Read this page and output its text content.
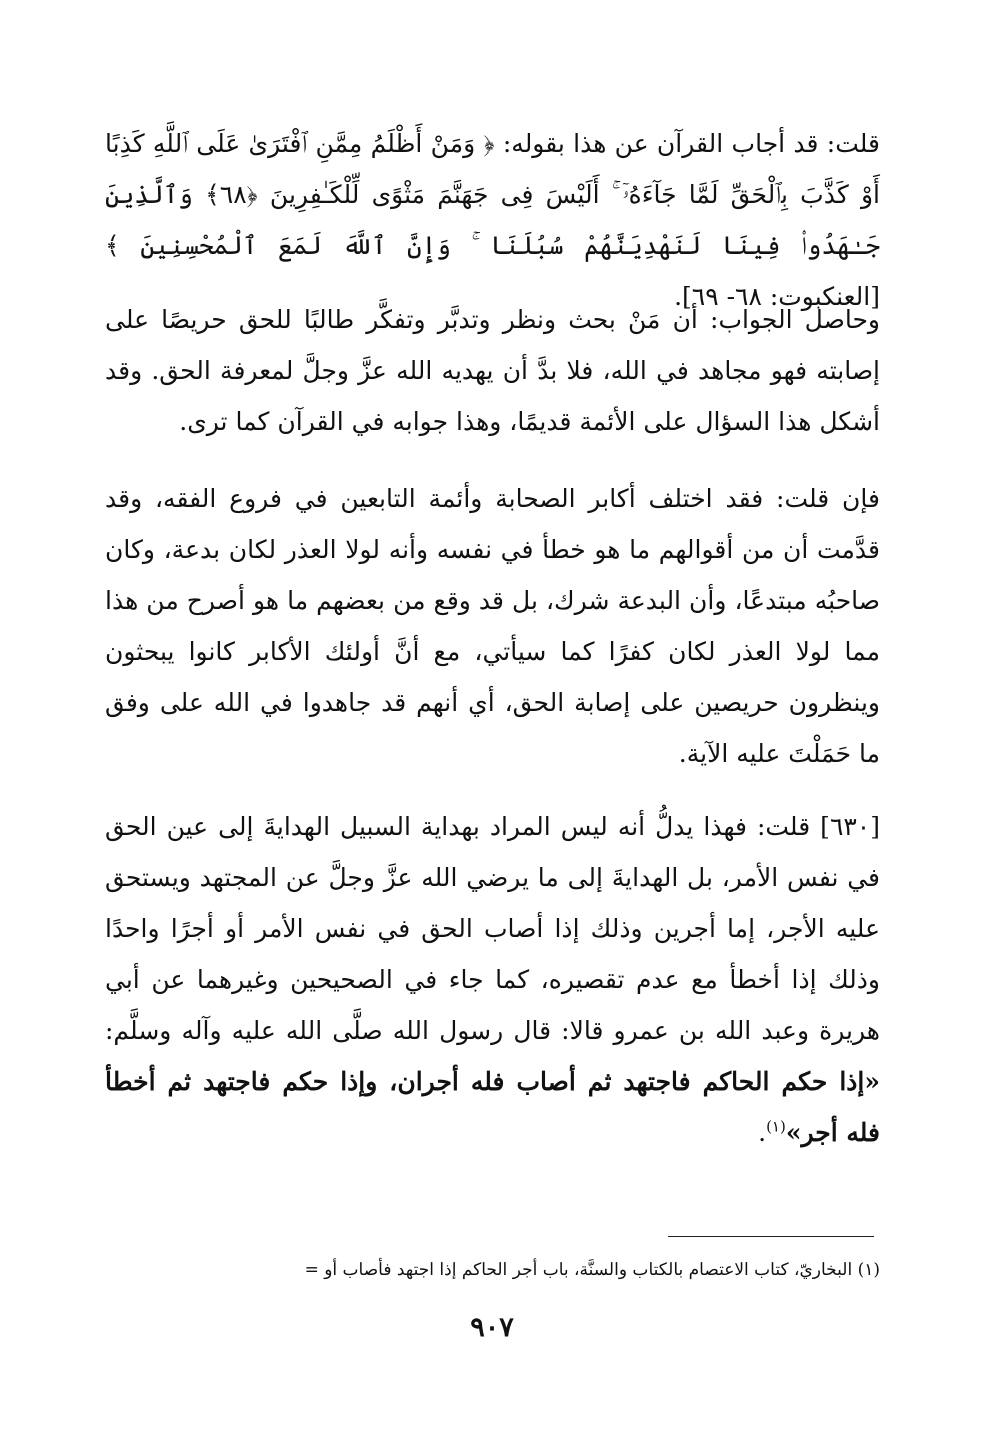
قلت: قد أجاب القرآن عن هذا بقوله: ﴿ وَمَنْ أَظْلَمُ مِمَّنِ ٱفْتَرَىٰ عَلَى ٱللَّهِ كَذِبًا أَوْ كَذَّبَ بِٱلْحَقِّ لَمَّا جَآءَهُۥٓ ۚ أَلَيْسَ فِى جَهَنَّمَ مَثْوًى لِّلْكَـٰفِرِينَ ﴿٦٨﴾ وَٱلَّذِينَ جَـٰهَدُوا۟ فِينَا لَنَهْدِيَنَّهُمْ سُبُلَنَا ۚ وَإِنَّ ٱللَّهَ لَمَعَ ٱلْمُحْسِنِينَ ﴾ [العنكبوت: ٦٨- ٦٩].

وحاصل الجواب: أن مَنْ بحث ونظر وتدبَّر وتفكَّر طالبًا للحق حريصًا على إصابته فهو مجاهد في الله، فلا بدَّ أن يهديه الله عزَّ وجلَّ لمعرفة الحق. وقد أشكل هذا السؤال على الأئمة قديمًا، وهذا جوابه في القرآن كما ترى.

فإن قلت: فقد اختلف أكابر الصحابة وأئمة التابعين في فروع الفقه، وقد قدَّمت أن من أقوالهم ما هو خطأ في نفسه وأنه لولا العذر لكان بدعة، وكان صاحبُه مبتدعًا، وأن البدعة شرك، بل قد وقع من بعضهم ما هو أصرح من هذا مما لولا العذر لكان كفرًا كما سيأتي، مع أنَّ أولئك الأكابر كانوا يبحثون وينظرون حريصين على إصابة الحق، أي أنهم قد جاهدوا في الله على وفق ما حَمَلْتَ عليه الآية.

[٦٣٠] قلت: فهذا يدلُّ أنه ليس المراد بهداية السبيل الهدايةَ إلى عين الحق في نفس الأمر، بل الهدايةَ إلى ما يرضي الله عزَّ وجلَّ عن المجتهد ويستحق عليه الأجر، إما أجرين وذلك إذا أصاب الحق في نفس الأمر أو أجرًا واحدًا وذلك إذا أخطأ مع عدم تقصيره، كما جاء في الصحيحين وغيرهما عن أبي هريرة وعبد الله بن عمرو قالا: قال رسول الله صلَّى الله عليه وآله وسلَّم: «إذا حكم الحاكم فاجتهد ثم أصاب فله أجران، وإذا حكم فاجتهد ثم أخطأ فله أجر»$^{(١)}$.

(١) البخاريّ، كتاب الاعتصام بالكتاب والسنَّة، باب أجر الحاكم إذا اجتهد فأصاب أو =
٩٠٧
